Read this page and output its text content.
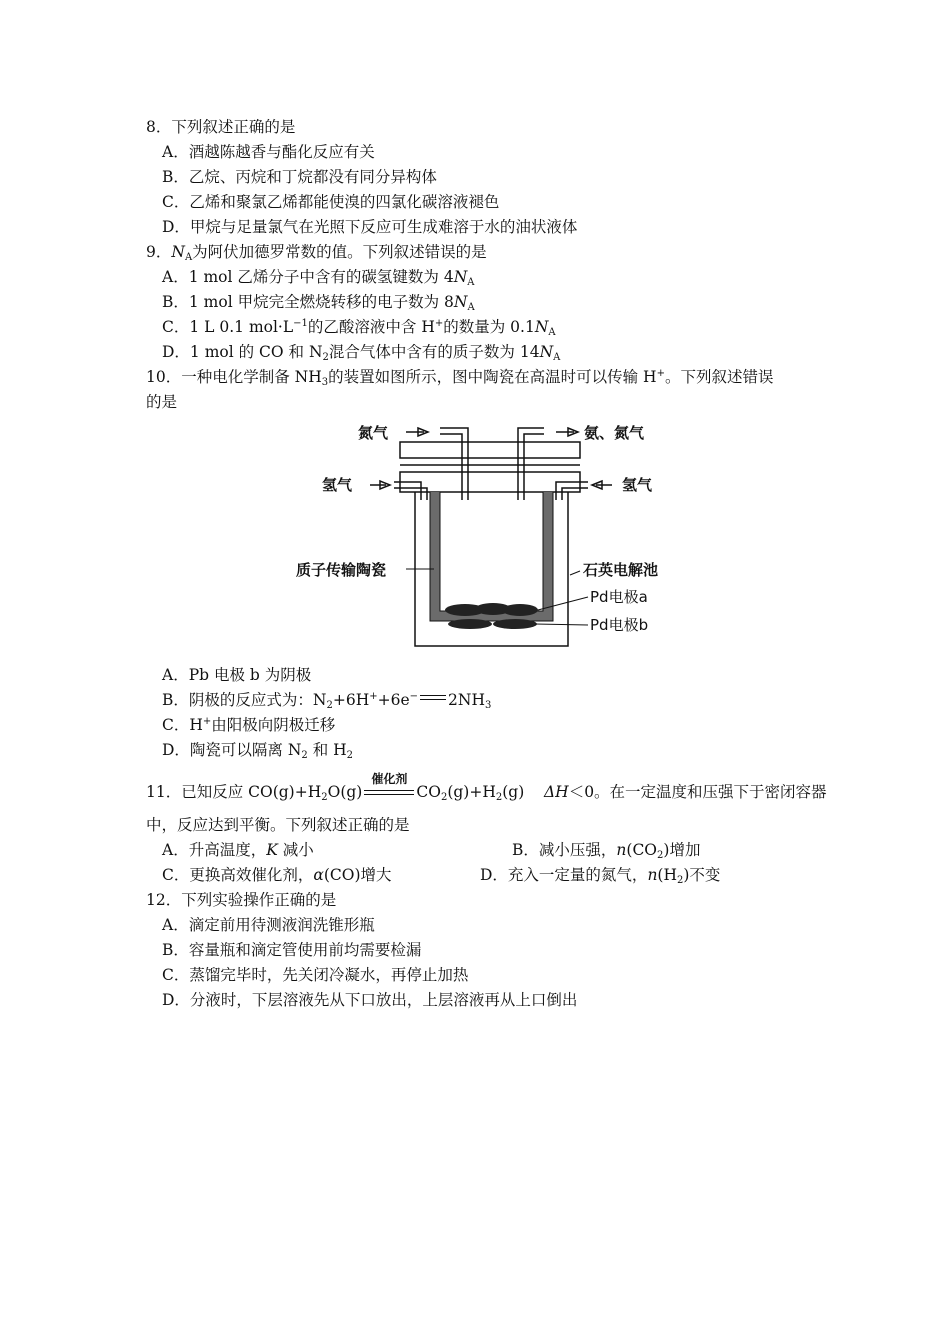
8．下列叙述正确的是
A．酒越陈越香与酯化反应有关
B．乙烷、丙烷和丁烷都没有同分异构体
C．乙烯和聚氯乙烯都能使溴的四氯化碳溶液褪色
D．甲烷与足量氯气在光照下反应可生成难溶于水的油状液体
9．$N_A$为阿伏加德罗常数的值。下列叙述错误的是
A．1 mol 乙烯分子中含有的碳氢键数为 $4N_A$
B．1 mol 甲烷完全燃烧转移的电子数为 $8N_A$
C．1 L 0.1 $mol\cdot L^{-1}$的乙酸溶液中含 H+的数量为 $0.1N_A$
D．1 mol 的 CO 和 $N_2$混合气体中含有的质子数为 $14N_A$
10．一种电化学制备 $NH_3$的装置如图所示，图中陶瓷在高温时可以传输 H+。下列叙述错误
的是
氮气	氨、氮气
氢气	氢气
质子传输陶瓷	石英电解池
Pd电极a
Pd电极b
A．Pb 电极 b 为阴极
B．阴极的反应式为：$N_2+6H^++6e^-$ $2NH_3$
C．H+由阳极向阴极迁移
D．陶瓷可以隔离 $N_2$ 和 $H_2$
11．已知反应 $CO(g)+H_2O(g)$
催化剂
$CO_2(g)+H_2(g)$ ΔH＜0。在一定温度和压强下于密闭容器
中，反应达到平衡。下列叙述正确的是
A．升高温度，K 减小	B．减小压强，$n(CO_2)$增加
C．更换高效催化剂，α(CO)增大	D．充入一定量的氮气，$n(H_2)$不变
12．下列实验操作正确的是
A．滴定前用待测液润洗锥形瓶
B．容量瓶和滴定管使用前均需要检漏
C．蒸馏完毕时，先关闭冷凝水，再停止加热
D．分液时，下层溶液先从下口放出，上层溶液再从上口倒出
